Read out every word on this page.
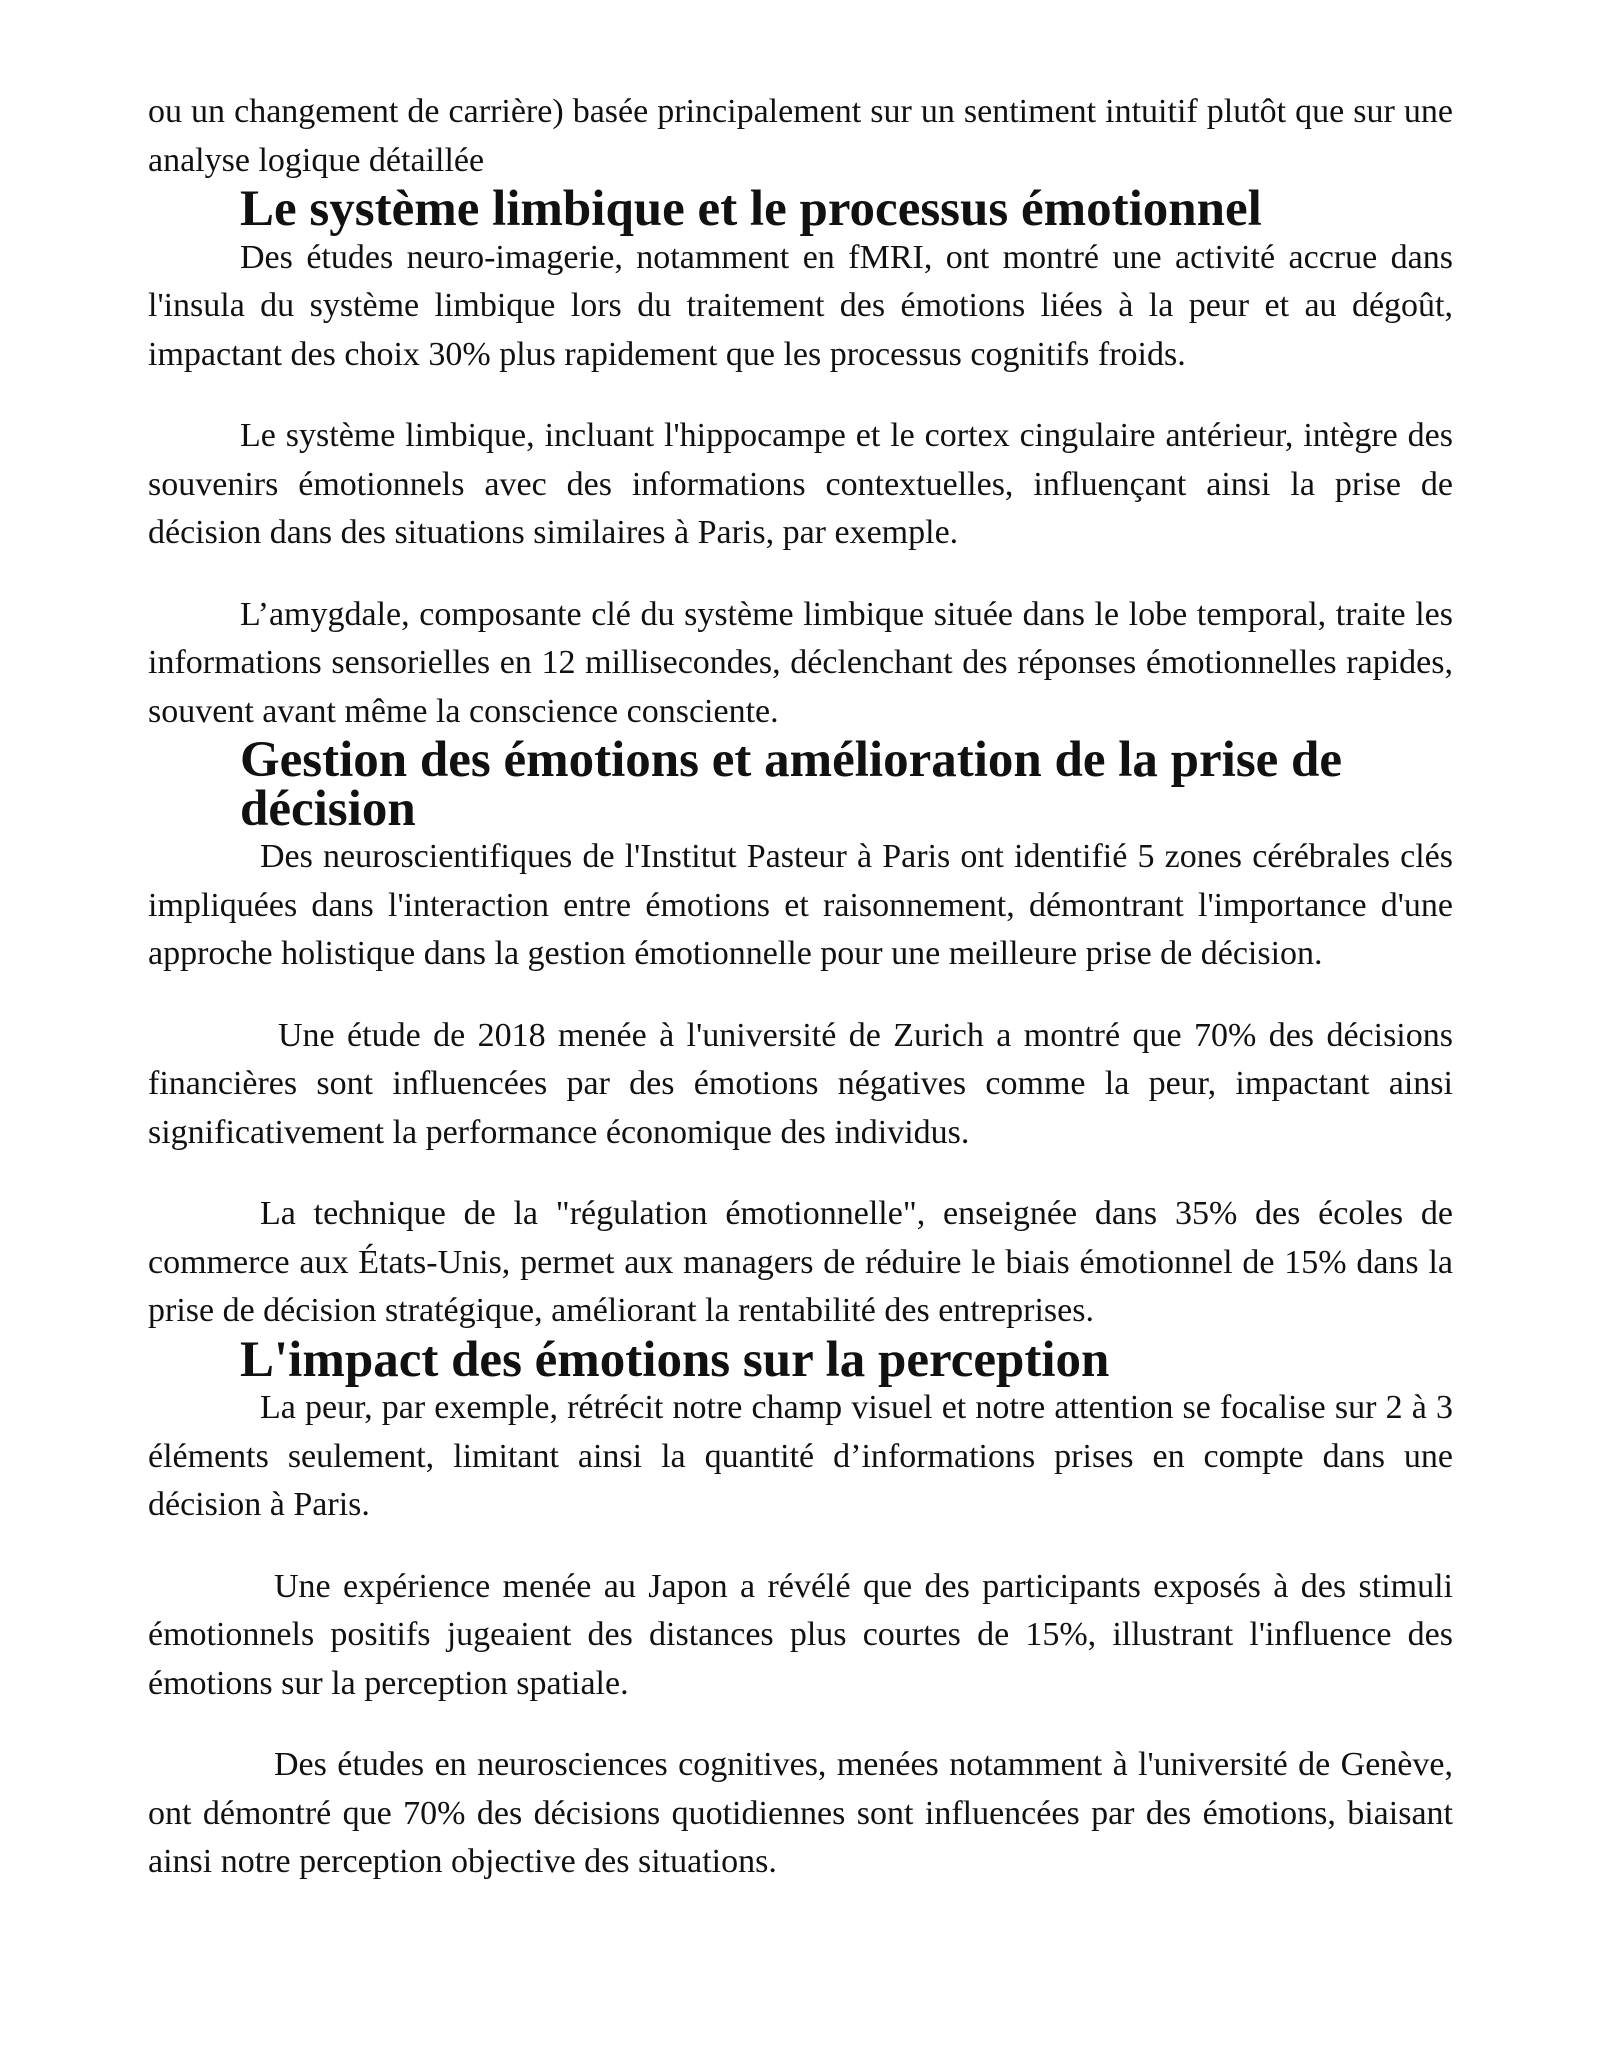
ou un changement de carrière) basée principalement sur un sentiment intuitif plutôt que sur une analyse logique détaillée

Le système limbique et le processus émotionnel

Des études neuro-imagerie, notamment en fMRI, ont montré une activité accrue dans l'insula du système limbique lors du traitement des émotions liées à la peur et au dégoût, impactant des choix 30% plus rapidement que les processus cognitifs froids.

Le système limbique, incluant l'hippocampe et le cortex cingulaire antérieur, intègre des souvenirs émotionnels avec des informations contextuelles, influençant ainsi la prise de décision dans des situations similaires à Paris, par exemple.

L’amygdale, composante clé du système limbique située dans le lobe temporal, traite les informations sensorielles en 12 millisecondes, déclenchant des réponses émotionnelles rapides, souvent avant même la conscience consciente.

Gestion des émotions et amélioration de la prise de décision

Des neuroscientifiques de l'Institut Pasteur à Paris ont identifié 5 zones cérébrales clés impliquées dans l'interaction entre émotions et raisonnement, démontrant l'importance d'une approche holistique dans la gestion émotionnelle pour une meilleure prise de décision.

Une étude de 2018 menée à l'université de Zurich a montré que 70% des décisions financières sont influencées par des émotions négatives comme la peur, impactant ainsi significativement la performance économique des individus.

La technique de la "régulation émotionnelle", enseignée dans 35% des écoles de commerce aux États-Unis, permet aux managers de réduire le biais émotionnel de 15% dans la prise de décision stratégique, améliorant la rentabilité des entreprises.

L'impact des émotions sur la perception

La peur, par exemple, rétrécit notre champ visuel et notre attention se focalise sur 2 à 3 éléments seulement, limitant ainsi la quantité d’informations prises en compte dans une décision à Paris.

Une expérience menée au Japon a révélé que des participants exposés à des stimuli émotionnels positifs jugeaient des distances plus courtes de 15%, illustrant l'influence des émotions sur la perception spatiale.

Des études en neurosciences cognitives, menées notamment à l'université de Genève, ont démontré que 70% des décisions quotidiennes sont influencées par des émotions, biaisant ainsi notre perception objective des situations.
